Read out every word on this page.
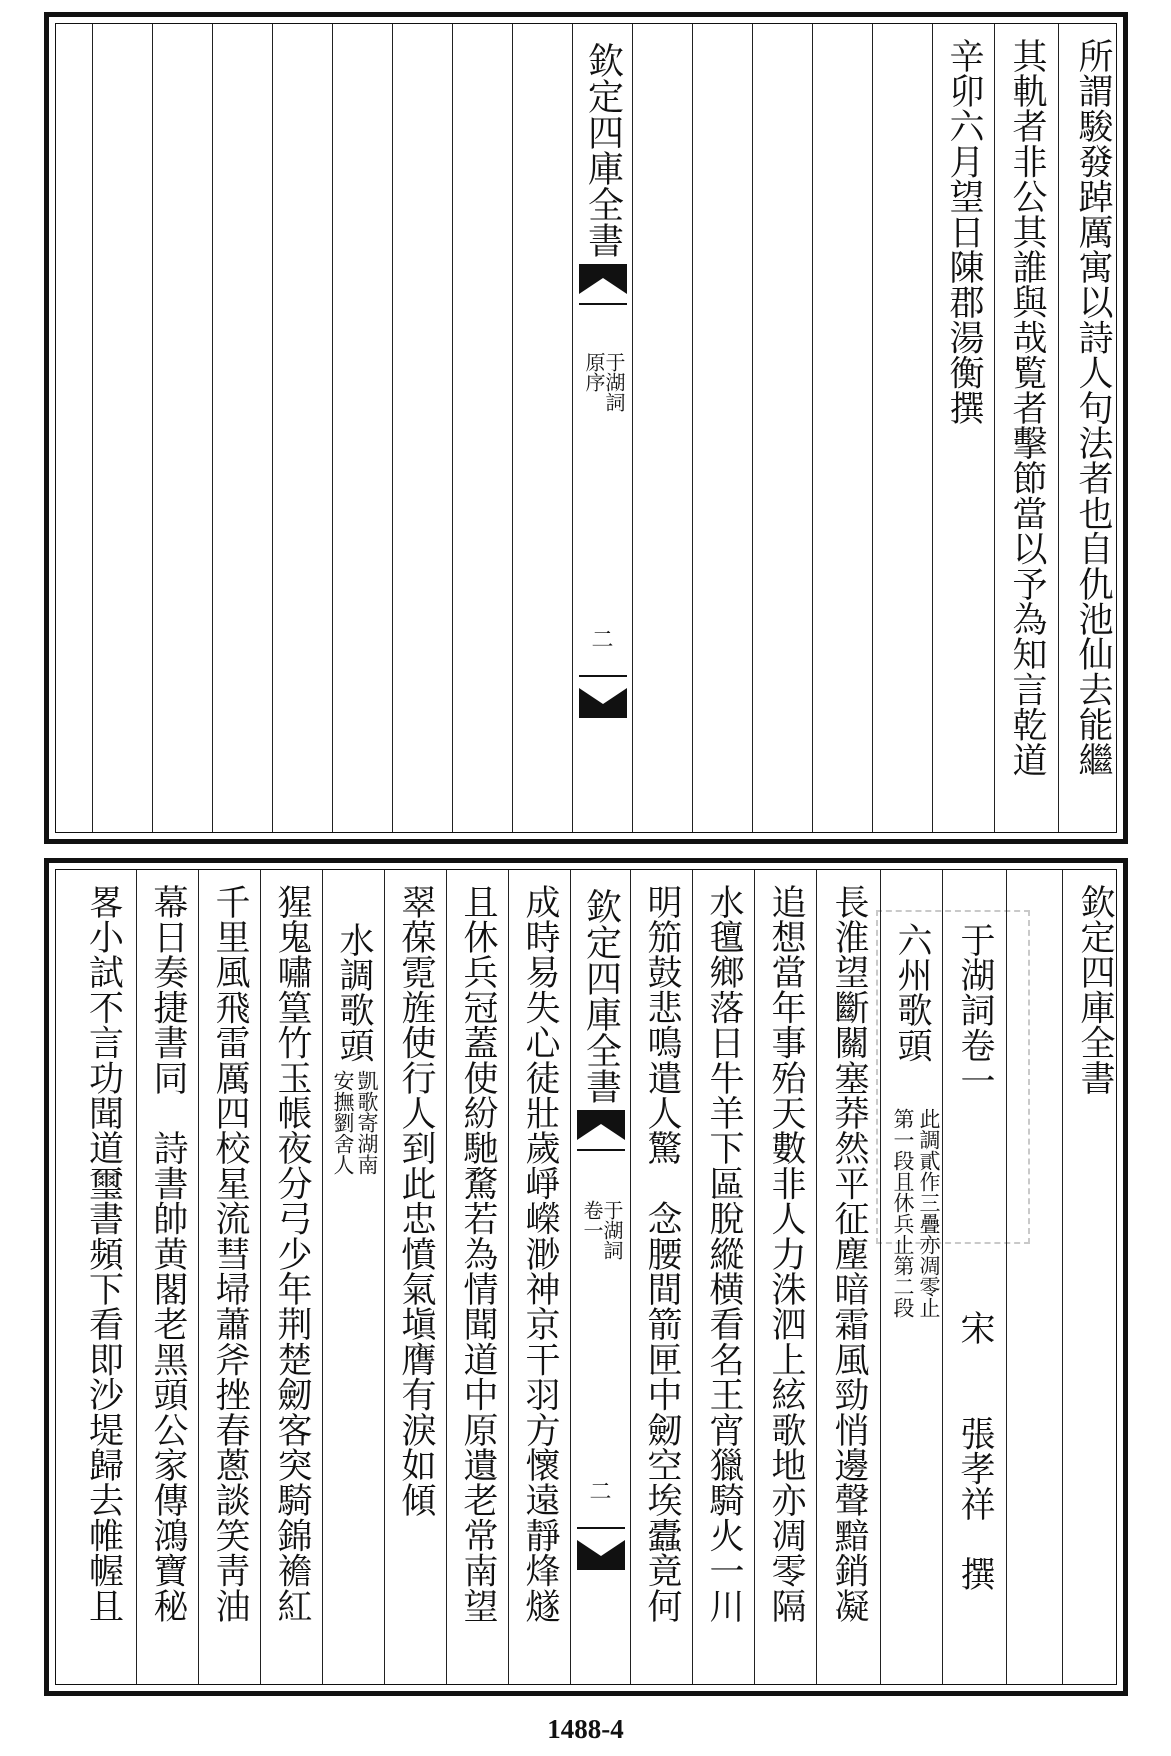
所謂駿發踔厲寓以詩人句法者也自仇池仙去能繼
其軌者非公其誰與哉覧者擊節當以予為知言乾道
辛卯六月望日陳郡湯衡撰
欽定四庫全書
原序
于湖詞
二
欽定四庫全書
于湖詞卷一
宋　　張孝祥　撰
六州歌頭
此調貳作三疊亦凋零止
第一段且休兵止第二段
長淮望斷關塞莽然平征塵暗霜風勁悄邊聲黯銷凝
追想當年事殆天數非人力洙泗上絃歌地亦凋零隔
水氊鄉落日牛羊下區脫縱横看名王宵獵騎火一川
明笳鼓悲鳴遣人驚　念腰間箭匣中劒空埃蠹竟何
欽定四庫全書
卷一
于湖詞
二
成時易失心徒壯歲崢嶸渺神京干羽方懷遠靜烽燧
且休兵冠蓋使紛馳騖若為情聞道中原遺老常南望
翠葆霓旌使行人到此忠憤氣塡膺有淚如傾
水調歌頭
凱歌寄湖南
安撫劉舍人
猩鬼嘯篁竹玉帳夜分弓少年荆楚劒客突騎錦襜紅
千里風飛雷厲四校星流彗埽蕭斧挫春蔥談笑靑油
幕日奏捷書同　詩書帥黄閣老黑頭公家傳鴻寶秘
畧小試不言功聞道璽書頻下看即沙堤歸去帷幄且
1488-4
